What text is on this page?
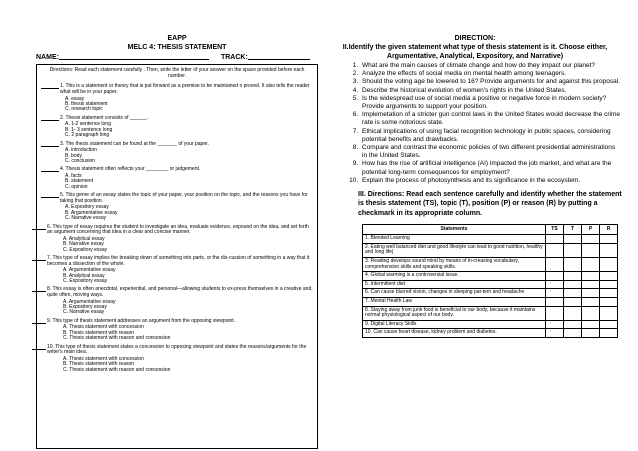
EAPP
MELC 4: THESIS STATEMENT
NAME:	TRACK:
Directions: Read each statement carefully . Then, write the letter of your answer on the space provided before each number.
1. This is a statement or theory that is put forward as a premise to be maintained o proved. It also tells the reader what will be in your paper.
A. essay
B. thesis statement
C. research topic
2. Thesis statement consists of ______.
A. 1-2 sentence long
B. 1- 3 sentence long
C. 2 paragraph long
3. The thesis statement can be found at the _______ of your paper.
A. introduction
B. body
C. conclusion
4. Thesis statement often reflects your ________ or judgement.
A. facts
B. statement
C. opinion
5. This genre of an essay states the topic of your paper, your position on the topic, and the reasons you have for taking that position.
A. Expository essay
B. Argumentative essay
C. Narrative essay
6. This type of essay requires the student to investigate an idea, evaluate evidence, expound on the idea, and set forth an argument concerning that idea in a clear and concise manner.
A. Analytical essay
B. Narrative essay
C. Expository essay
7. This type of essay implies the breaking down of something into parts, or the dis-cussion of something in a way that it becomes a dissection of the whole.
A. Argumentative essay
B. Analytical essay
C. Expository essay
8. This essay is often anecdotal, experiential, and personal—allowing students to ex-press themselves in a creative and, quite often, moving ways.
A. Argumentative essay
B. Expository essay
C. Narrative essay
9. This type of thesis statement addresses an argument from the opposing viewpoint.
A. Thesis statement with concession
B. Thesis statement with reason
C. Thesis statement with reason and concession
10. This type of thesis statement states a concession to opposing viewpoint and states the reasons/arguments for the writer's main idea.
A. Thesis statement with concession
B. Thesis statement with reason
C. Thesis statement with reason and concession
DIRECTION:
II.Identify the given statement what type of thesis statement is it. Choose either, Argumentative, Analytical, Expository, and Narrative)
1. What are the main causes of climate change and how do they impact our planet?
2. Analyze the effects of social media on mental health among teenagers.
3. Should the voting age be lowered to 16? Provide arguments for and against this proposal.
4. Describe the historical evolution of women's rights in the United States.
5. Is the widespread use of social media a positive or negative force in modern society? Provide arguments to support your position.
6. Implemetation of a stricter gun control laws in the United States would decrease the crime rate is some notorious state.
7. Ethical implications of using facial recognition technology in public spaces, considering potential benefits and drawbacks.
8. Compare and contrast the economic policies of two different presidential administrations in the United States.
9. How has the rise of artificial intelligence (AI) impacted the job market, and what are the potential long-term consequences for employment?
10. Explain the process of photosynthesis and its significance in the ecosystem.
III. Directions: Read each sentence carefully and identify whether the statement is thesis statement (TS), topic (T), position (P) or reason (R) by putting a checkmark in its appropriate column.
Statements	TS	T	P	R
1. Blended Learning				
2. Eating well balanced diet and good lifestyle can lead to good nutrition, healthy and long life|				
3. Reading develops sound mind by means of in-creasing vocabulary, comprehension skills and speaking skills.				
4. Global warming is a controversial issue.				
5. Intermittent diet				
6. Can cause blurred vision, changes in sleeping pat-tern and headache				
7. Mental Health Law				
8. Staying away from junk food is beneficial to our body, because it maintains normal physiological aspect of our body.				
9. Digital Literacy Skills				
10. Can cause heart disease, kidney problem and diabetes.				
